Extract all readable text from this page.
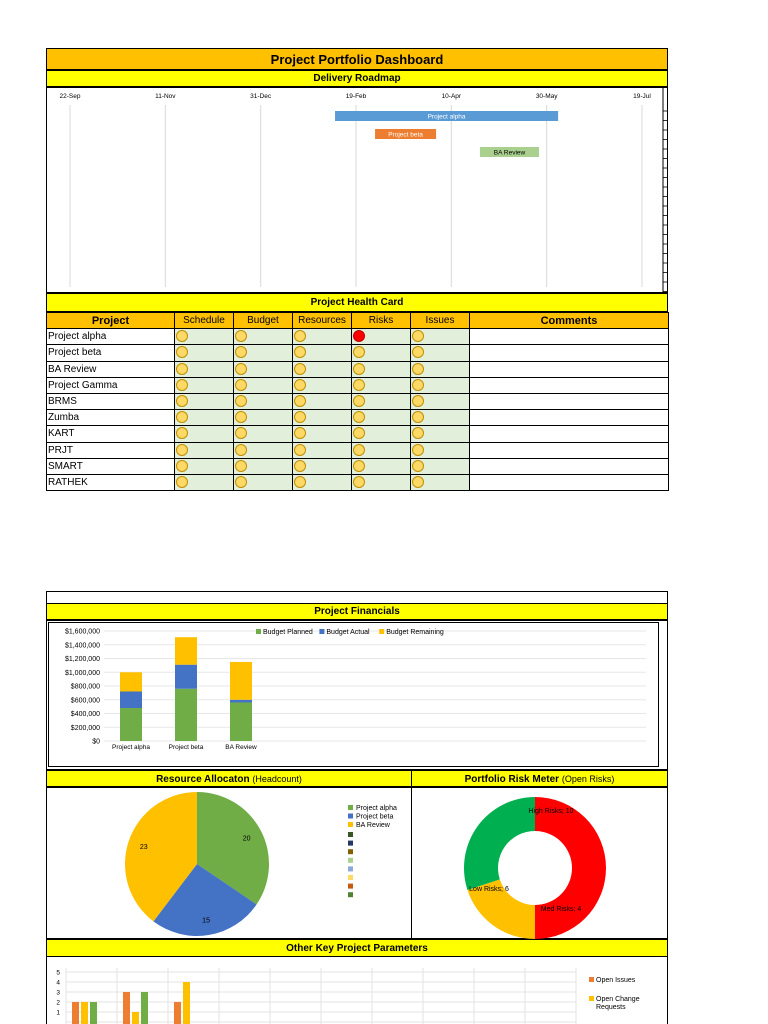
Project Portfolio Dashboard
Delivery Roadmap
22-Sep	11-Nov	31-Dec	19-Feb	10-Apr	30-May	19-Jul
Project alpha
Project beta
BA Review
Project Health Card
Project	Schedule	Budget	Resources	Risks	Issues	Comments
Project alpha	

Project beta	

BA Review	

Project Gamma	

BRMS	

Zumba	

KART	

PRJT	

SMART	

RATHEK	

Project Financials
$0
$200,000
$400,000
$600,000
$800,000
$1,000,000
$1,200,000
$1,400,000
$1,600,000
Project alpha	Project beta	BA Review
Budget Planned Budget Actual Budget Remaining
Resource Allocaton (Headcount)	Portfolio Risk Meter (Open Risks)
20
15
23
Project alpha
Project beta
BA Review
High Risks; 10
Med Risks; 4
Low Risks; 6
Other Key Project Parameters
1
2
3
4
5
Open Issues
Open Change
Requests
